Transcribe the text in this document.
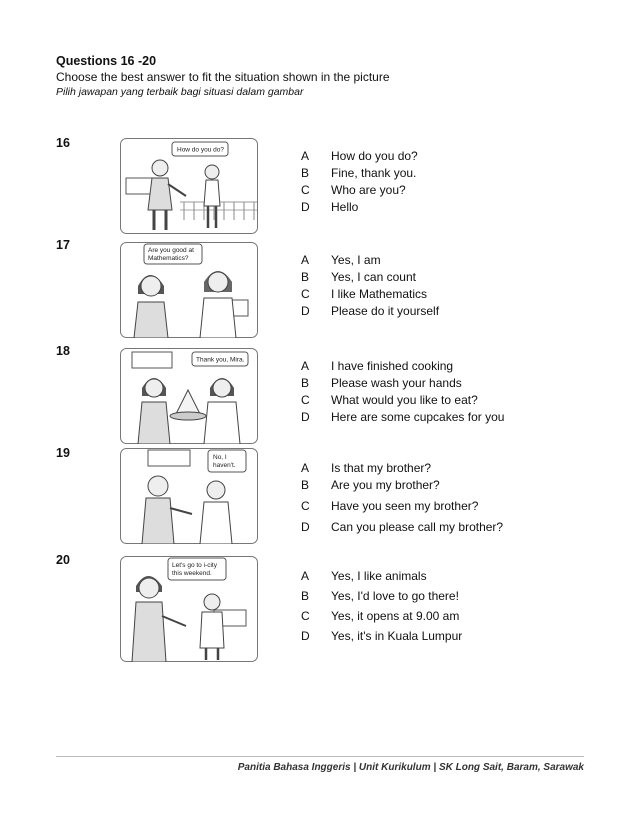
Questions 16 -20
Choose the best answer to fit the situation shown in the picture
Pilih jawapan yang terbaik bagi situasi dalam gambar
16	How do you do?	A	How do you do?
B	Fine, thank you.
C	Who are you?
D	Hello
17	Are you good at
Mathematics?	A	Yes, I am
B	Yes, I can count
C	I like Mathematics
D	Please do it yourself
18
Thank you, Mira.	A	I have finished cooking
B	Please wash your hands
C	What would you like to eat?
D	Here are some cupcakes for you
19	No, I
haven't.	A	Is that my brother?
B	Are you my brother?
C	Have you seen my brother?
D	Can you please call my brother?
20	Let's go to i-city
this weekend.	A	Yes, I like animals
B	Yes, I'd love to go there!
C	Yes, it opens at 9.00 am
D	Yes, it's in Kuala Lumpur
Panitia Bahasa Inggeris | Unit Kurikulum | SK Long Sait, Baram, Sarawak
